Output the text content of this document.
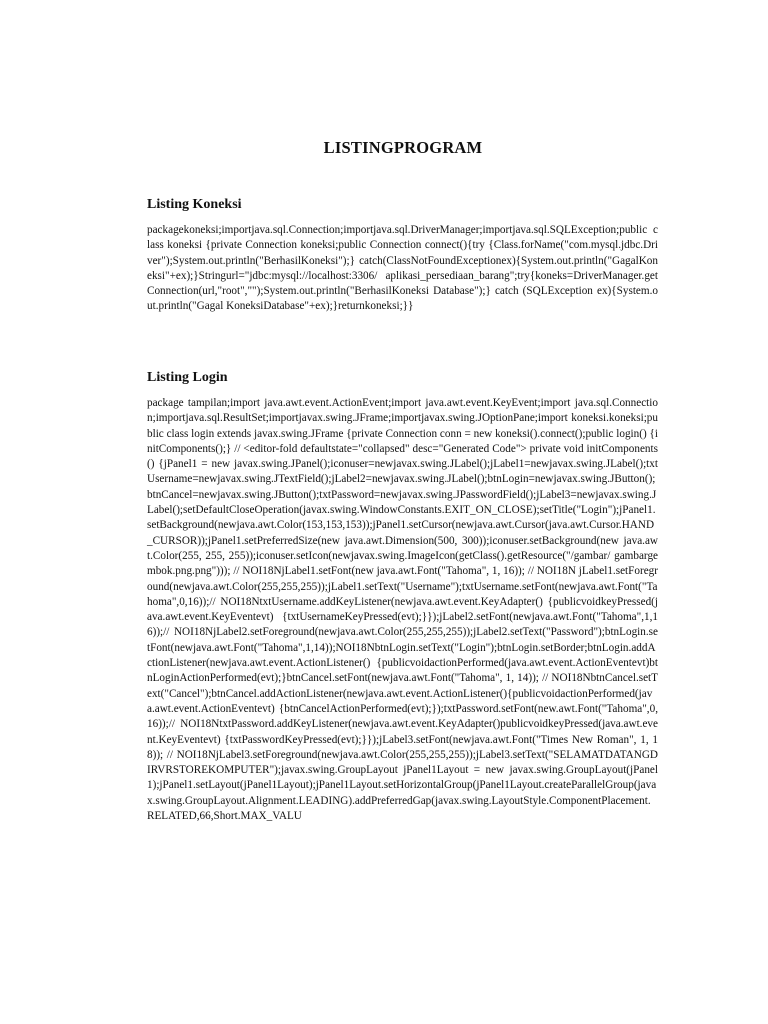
LISTINGPROGRAM
Listing Koneksi

packagekoneksi;importjava.sql.Connection;importjava.sql.DriverManager;importjava.sql.SQLException;public class koneksi {private Connection koneksi;public Connection connect(){try {Class.forName("com.mysql.jdbc.Driver");System.out.println("BerhasilKoneksi");} catch(ClassNotFoundExceptionex){System.out.println("GagalKoneksi"+ex);}Stringurl="jdbc:mysql://localhost:3306/ aplikasi_persediaan_barang";try{koneks=DriverManager.getConnection(url,"root","");System.out.println("BerhasilKoneksi Database");} catch (SQLException ex){System.out.println("Gagal KoneksiDatabase"+ex);}returnkoneksi;}}

Listing Login

package tampilan;import java.awt.event.ActionEvent;import java.awt.event.KeyEvent;import java.sql.Connection;importjava.sql.ResultSet;importjavax.swing.JFrame;importjavax.swing.JOptionPane;import koneksi.koneksi;public class login extends javax.swing.JFrame {private Connection conn = new koneksi().connect();public login() {initComponents();} // <editor-fold defaultstate="collapsed" desc="Generated Code"> private void initComponents() {jPanel1 = new javax.swing.JPanel();iconuser=newjavax.swing.JLabel();jLabel1=newjavax.swing.JLabel();txtUsername=newjavax.swing.JTextField();jLabel2=newjavax.swing.JLabel();btnLogin=newjavax.swing.JButton();btnCancel=newjavax.swing.JButton();txtPassword=newjavax.swing.JPasswordField();jLabel3=newjavax.swing.JLabel();setDefaultCloseOperation(javax.swing.WindowConstants.EXIT_ON_CLOSE);setTitle("Login");jPanel1.setBackground(newjava.awt.Color(153,153,153));jPanel1.setCursor(newjava.awt.Cursor(java.awt.Cursor.HAND_CURSOR));jPanel1.setPreferredSize(new java.awt.Dimension(500, 300));iconuser.setBackground(new java.awt.Color(255, 255, 255));iconuser.setIcon(newjavax.swing.ImageIcon(getClass().getResource("/gambar/ gambargembok.png.png"))); // NOI18NjLabel1.setFont(new java.awt.Font("Tahoma", 1, 16)); // NOI18N jLabel1.setForeground(newjava.awt.Color(255,255,255));jLabel1.setText("Username");txtUsername.setFont(newjava.awt.Font("Tahoma",0,16));// NOI18NtxtUsername.addKeyListener(newjava.awt.event.KeyAdapter() {publicvoidkeyPressed(java.awt.event.KeyEventevt) {txtUsernameKeyPressed(evt);}});jLabel2.setFont(newjava.awt.Font("Tahoma",1,16));// NOI18NjLabel2.setForeground(newjava.awt.Color(255,255,255));jLabel2.setText("Password");btnLogin.setFont(newjava.awt.Font("Tahoma",1,14));NOI18NbtnLogin.setText("Login");btnLogin.setBorder;btnLogin.addActionListener(newjava.awt.event.ActionListener() {publicvoidactionPerformed(java.awt.event.ActionEventevt)btnLoginActionPerformed(evt);}btnCancel.setFont(newjava.awt.Font("Tahoma", 1, 14)); // NOI18NbtnCancel.setText("Cancel");btnCancel.addActionListener(newjava.awt.event.ActionListener(){publicvoidactionPerformed(java.awt.event.ActionEventevt) {btnCancelActionPerformed(evt);});txtPassword.setFont(new.awt.Font("Tahoma",0,16));// NOI18NtxtPassword.addKeyListener(newjava.awt.event.KeyAdapter()publicvoidkeyPressed(java.awt.event.KeyEventevt) {txtPasswordKeyPressed(evt);}});jLabel3.setFont(newjava.awt.Font("Times New Roman", 1, 18)); // NOI18NjLabel3.setForeground(newjava.awt.Color(255,255,255));jLabel3.setText("SELAMATDATANGDIRVRSTOREKOMPUTER");javax.swing.GroupLayout jPanel1Layout = new javax.swing.GroupLayout(jPanel1);jPanel1.setLayout(jPanel1Layout);jPanel1Layout.setHorizontalGroup(jPanel1Layout.createParallelGroup(javax.swing.GroupLayout.Alignment.LEADING).addPreferredGap(javax.swing.LayoutStyle.ComponentPlacement.RELATED,66,Short.MAX_VALU
